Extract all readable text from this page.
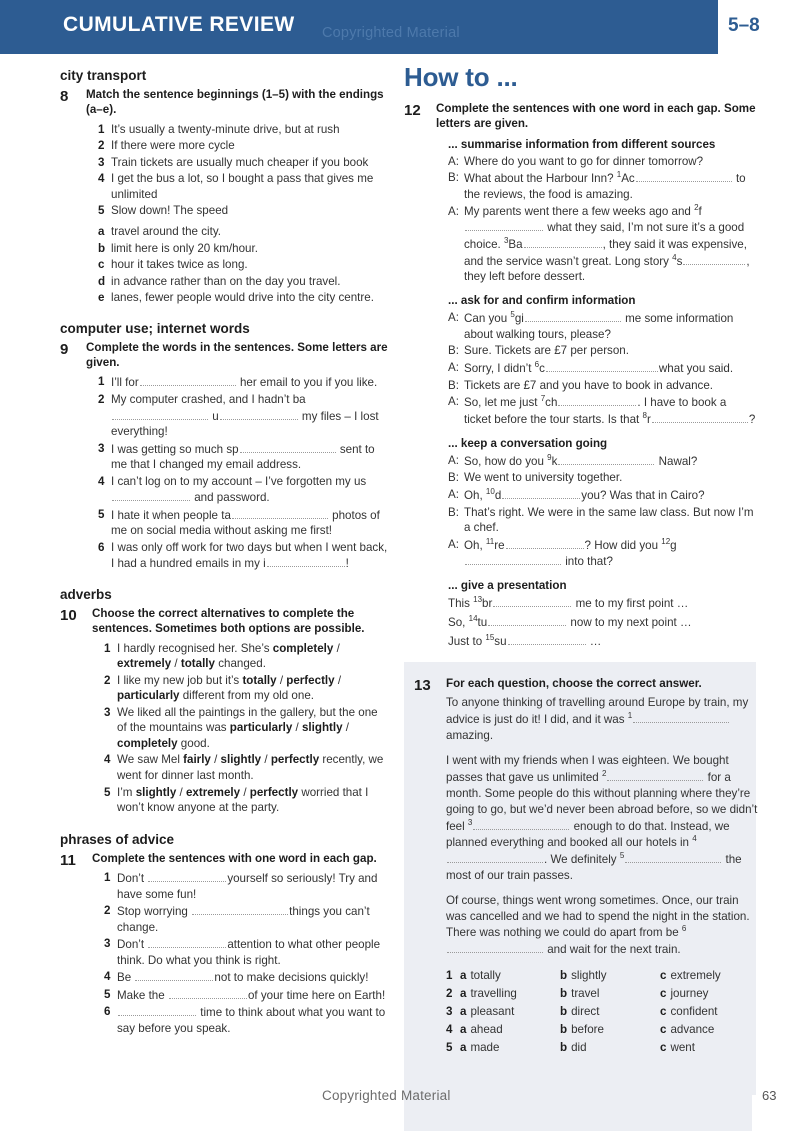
CUMULATIVE REVIEW Copyrighted Material	5–8
city transport
8	Match the sentence beginnings (1–5) with the endings (a–e).
1 It’s usually a twenty-minute drive, but at rush
2 If there were more cycle
3 Train tickets are usually much cheaper if you book
4 I get the bus a lot, so I bought a pass that gives me unlimited
5 Slow down! The speed
a travel around the city.
b limit here is only 20 km/hour.
c hour it takes twice as long.
d in advance rather than on the day you travel.
e lanes, fewer people would drive into the city centre.
computer use; internet words
9	Complete the words in the sentences. Some letters are given.
1 I’ll for	her email to you if you like.
2 My computer crashed, and I hadn’t ba u	my files – I lost everything!
3 I was getting so much sp	sent to me that I changed my email address.
4 I can’t log on to my account – I’ve forgotten my us and password.
5 I hate it when people ta	photos of me on social media without asking me first!
6 I was only off work for two days but when I went back, I had a hundred emails in my i	!
adverbs
10	Choose the correct alternatives to complete the sentences. Sometimes both options are possible.
1 I hardly recognised her. She’s completely / extremely / totally changed.
2 I like my new job but it’s totally / perfectly / particularly different from my old one.
3 We liked all the paintings in the gallery, but the one of the mountains was particularly / slightly / completely good.
4 We saw Mel fairly / slightly / perfectly recently, we went for dinner last month.
5 I’m slightly / extremely / perfectly worried that I won’t know anyone at the party.
phrases of advice
11	Complete the sentences with one word in each gap.
1 Don’t	yourself so seriously! Try and have some fun!
2 Stop worrying	things you can’t change.
3 Don’t	attention to what other people think. Do what you think is right.
4 Be	not to make decisions quickly!
5 Make the	of your time here on Earth!
6	time to think about what you want to say before you speak.
How to ...
12	Complete the sentences with one word in each gap. Some letters are given.
... summarise information from different sources
A: Where do you want to go for dinner tomorrow?
B: What about the Harbour Inn? $^1$Ac	to the reviews, the food is amazing.
A: My parents went there a few weeks ago and $^2$f what they said, I’m not sure it’s a good choice. $^3$Ba	, they said it was expensive, and the service wasn’t great. Long story $^4$s	, they left before dessert.
... ask for and confirm information
A: Can you $^5$gi	me some information about walking tours, please?
B: Sure. Tickets are £7 per person.
A: Sorry, I didn’t $^6$c	what you said.
B: Tickets are £7 and you have to book in advance.
A: So, let me just $^7$ch	. I have to book a ticket before the tour starts. Is that $^8$r	?
... keep a conversation going
A: So, how do you $^9$k	Nawal?
B: We went to university together.
A: Oh, $^{10}$d	you? Was that in Cairo?
B: That’s right. We were in the same law class. But now I’m a chef.
A: Oh, $^{11}$re	? How did you $^{12}$g into that?
... give a presentation
This $^{13}$br	me to my first point …
So, $^{14}$tu	now to my next point …
Just to $^{15}$su	…
13	For each question, choose the correct answer.

To anyone thinking of travelling around Europe by train, my advice is just do it! I did, and it was $^1$ amazing.

I went with my friends when I was eighteen. We bought passes that gave us unlimited $^2$	for a month. Some people do this without planning where they’re going to go, but we’d never been abroad before, so we didn’t feel $^3$	enough to do that. Instead, we planned everything and booked all our hotels in $^4$. We definitely $^5$	the most of our train passes.

Of course, things went wrong sometimes. Once, our train was cancelled and we had to spend the night in the station. There was nothing we could do apart from be $^6$ and wait for the next train.

1 a totally	b slightly	c extremely
2 a travelling	b travel	c journey
3 a pleasant	b direct	c confident
4 a ahead	b before	c advance
5 a made	b did	c went
Copyrighted Material	63
